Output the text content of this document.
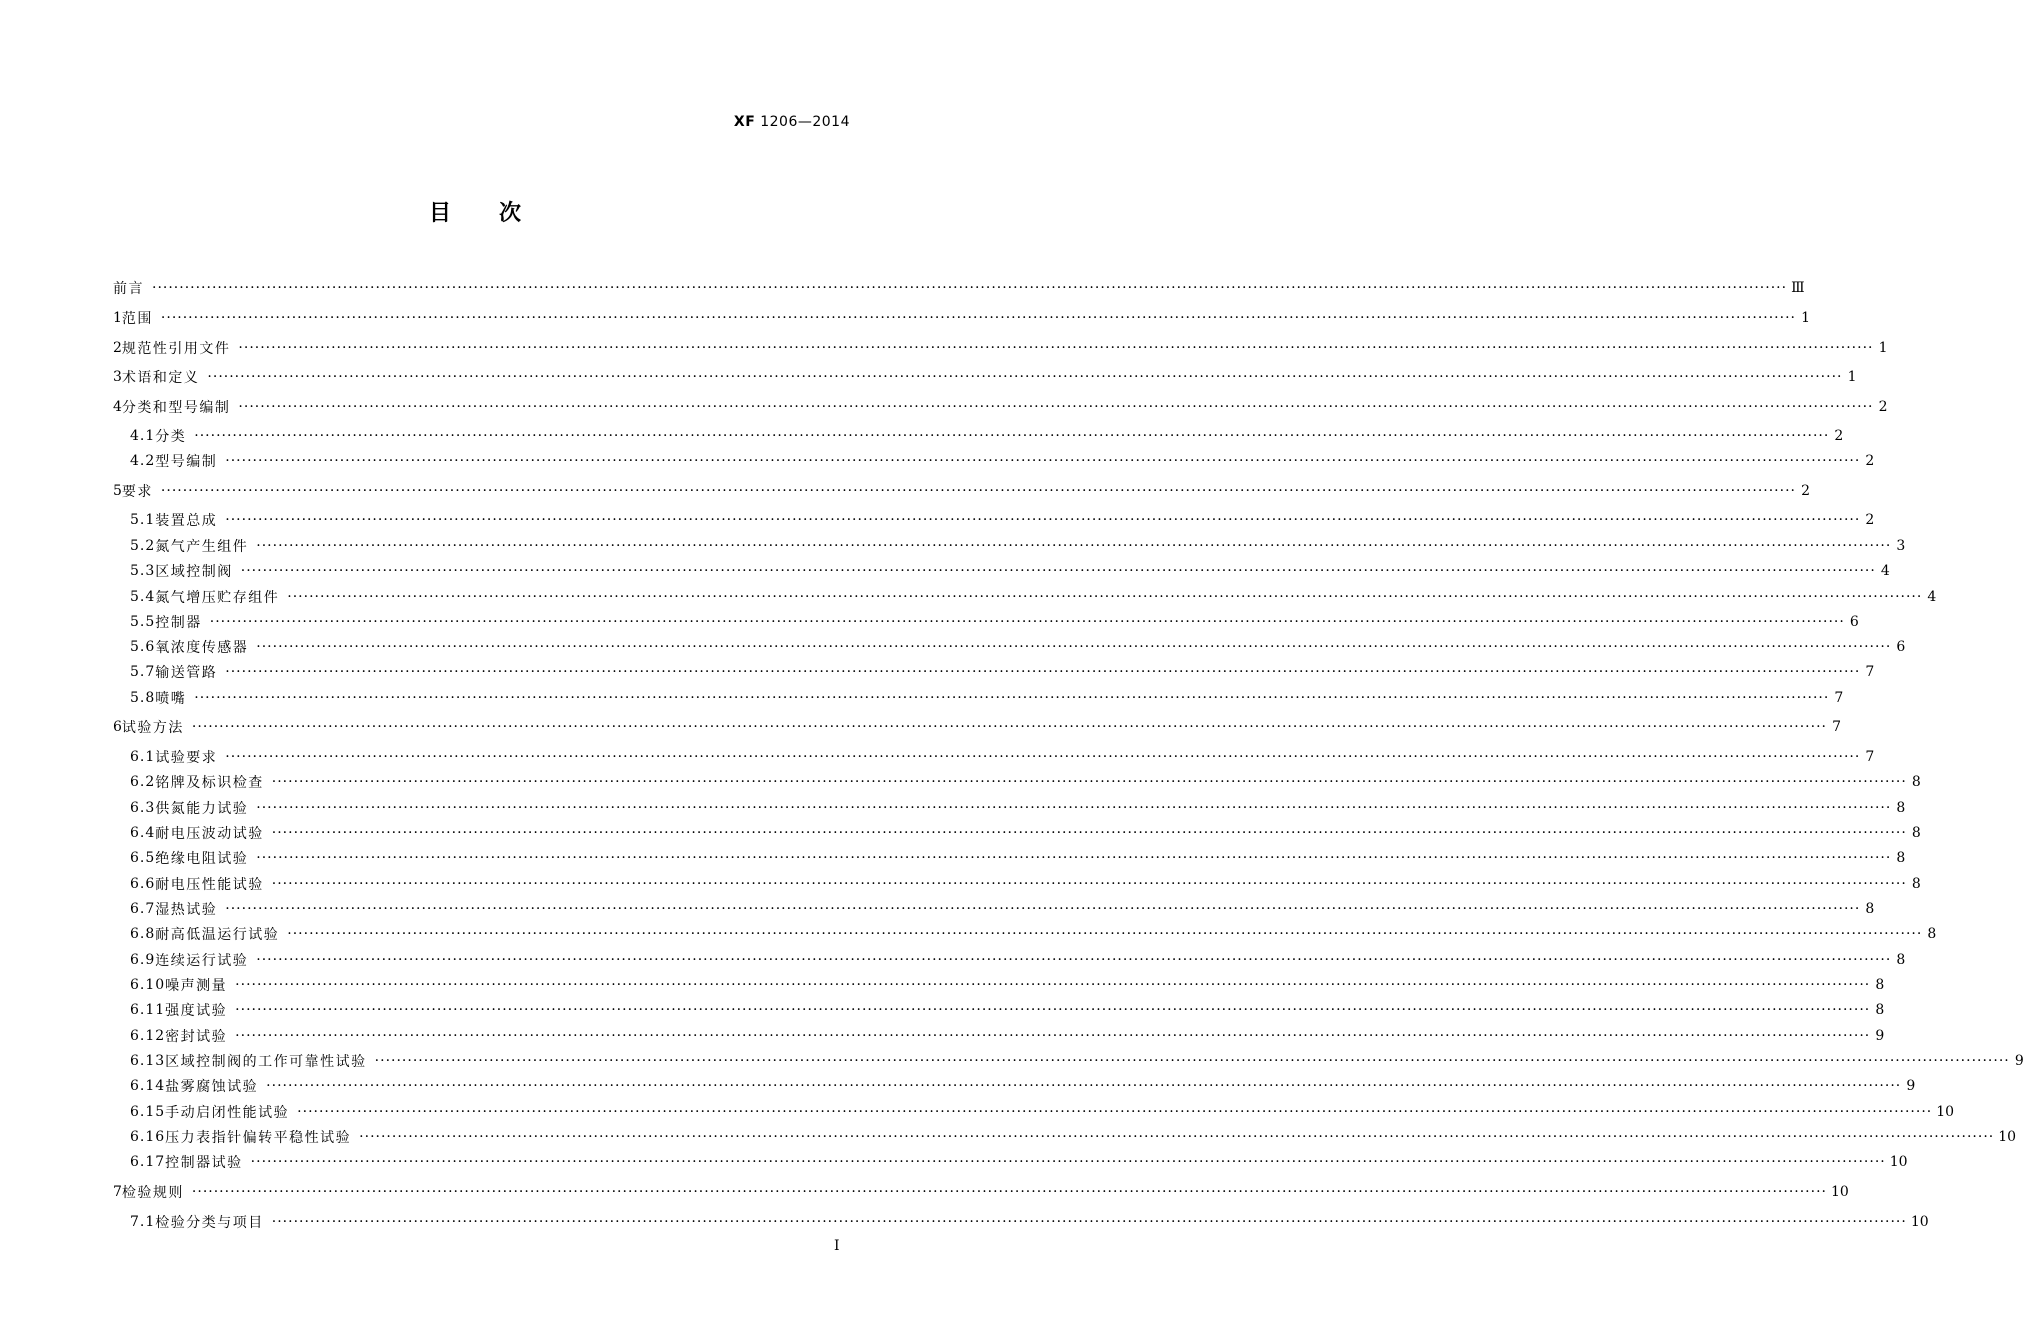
XF 1206—2014
目次
前言 ············································································································································································································································································································ Ⅲ
1 范围 ············································································································································································································································································································ 1
2 规范性引用文件 ············································································································································································································································································································ 1
3 术语和定义 ············································································································································································································································································································ 1
4 分类和型号编制 ············································································································································································································································································································ 2
4.1 分类 ············································································································································································································································································································ 2
4.2 型号编制 ············································································································································································································································································································ 2
5 要求 ············································································································································································································································································································ 2
5.1 装置总成 ············································································································································································································································································································ 2
5.2 氮气产生组件 ············································································································································································································································································································ 3
5.3 区域控制阀 ············································································································································································································································································································ 4
5.4 氮气增压贮存组件 ············································································································································································································································································································ 4
5.5 控制器 ············································································································································································································································································································ 6
5.6 氧浓度传感器 ············································································································································································································································································································ 6
5.7 输送管路 ············································································································································································································································································································ 7
5.8 喷嘴 ············································································································································································································································································································ 7
6 试验方法 ············································································································································································································································································································ 7
6.1 试验要求 ············································································································································································································································································································ 7
6.2 铭牌及标识检查 ············································································································································································································································································································ 8
6.3 供氮能力试验 ············································································································································································································································································································ 8
6.4 耐电压波动试验 ············································································································································································································································································································ 8
6.5 绝缘电阻试验 ············································································································································································································································································································ 8
6.6 耐电压性能试验 ············································································································································································································································································································ 8
6.7 湿热试验 ············································································································································································································································································································ 8
6.8 耐高低温运行试验 ············································································································································································································································································································ 8
6.9 连续运行试验 ············································································································································································································································································································ 8
6.10 噪声测量 ············································································································································································································································································································ 8
6.11 强度试验 ············································································································································································································································································································ 8
6.12 密封试验 ············································································································································································································································································································ 9
6.13 区域控制阀的工作可靠性试验 ············································································································································································································································································································ 9
6.14 盐雾腐蚀试验 ············································································································································································································································································································ 9
6.15 手动启闭性能试验 ············································································································································································································································································································ 10
6.16 压力表指针偏转平稳性试验 ············································································································································································································································································································ 10
6.17 控制器试验 ············································································································································································································································································································ 10
7 检验规则 ············································································································································································································································································································ 10
7.1 检验分类与项目 ············································································································································································································································································································ 10
Ⅰ
